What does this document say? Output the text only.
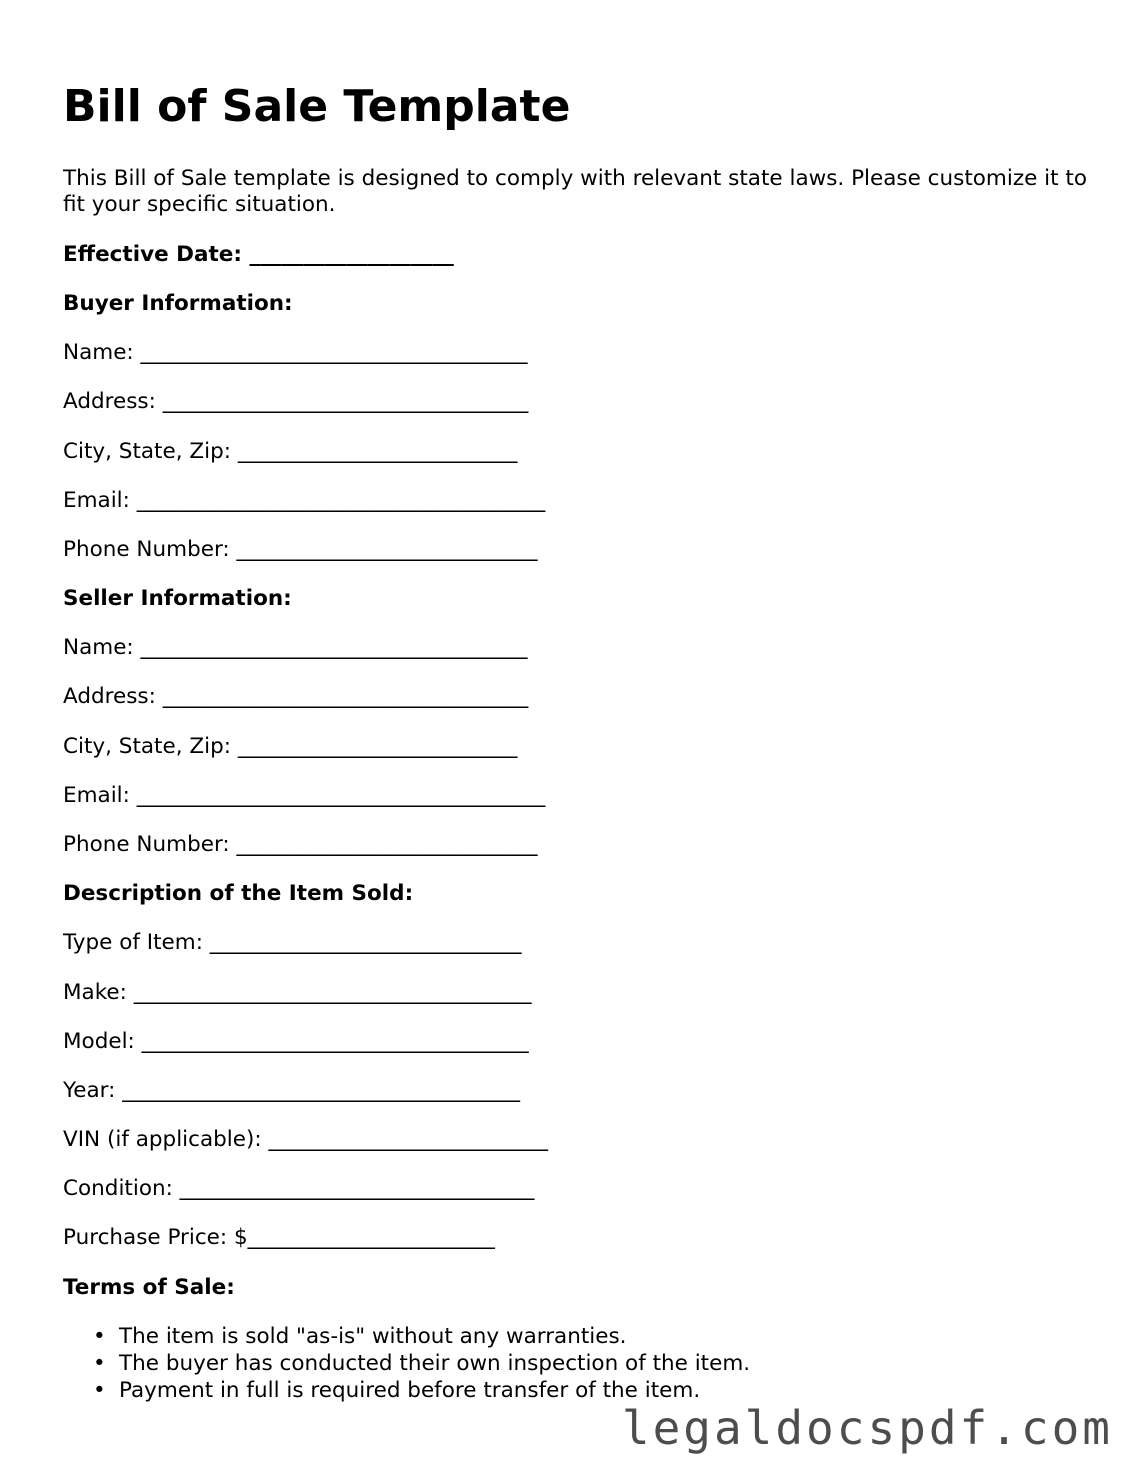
Bill of Sale Template

This Bill of Sale template is designed to comply with relevant state laws. Please customize it to fit your specific situation.

Effective Date: ___________________

Buyer Information:

Name: ____________________________________

Address: __________________________________

City, State, Zip: __________________________

Email: ______________________________________

Phone Number: ____________________________

Seller Information:

Name: ____________________________________

Address: __________________________________

City, State, Zip: __________________________

Email: ______________________________________

Phone Number: ____________________________

Description of the Item Sold:

Type of Item: _____________________________

Make: _____________________________________

Model: ____________________________________

Year: _____________________________________

VIN (if applicable): __________________________

Condition: _________________________________

Purchase Price: $_______________________

Terms of Sale:

• The item is sold "as-is" without any warranties.
• The buyer has conducted their own inspection of the item.
• Payment in full is required before transfer of the item.
legaldocspdf.com
